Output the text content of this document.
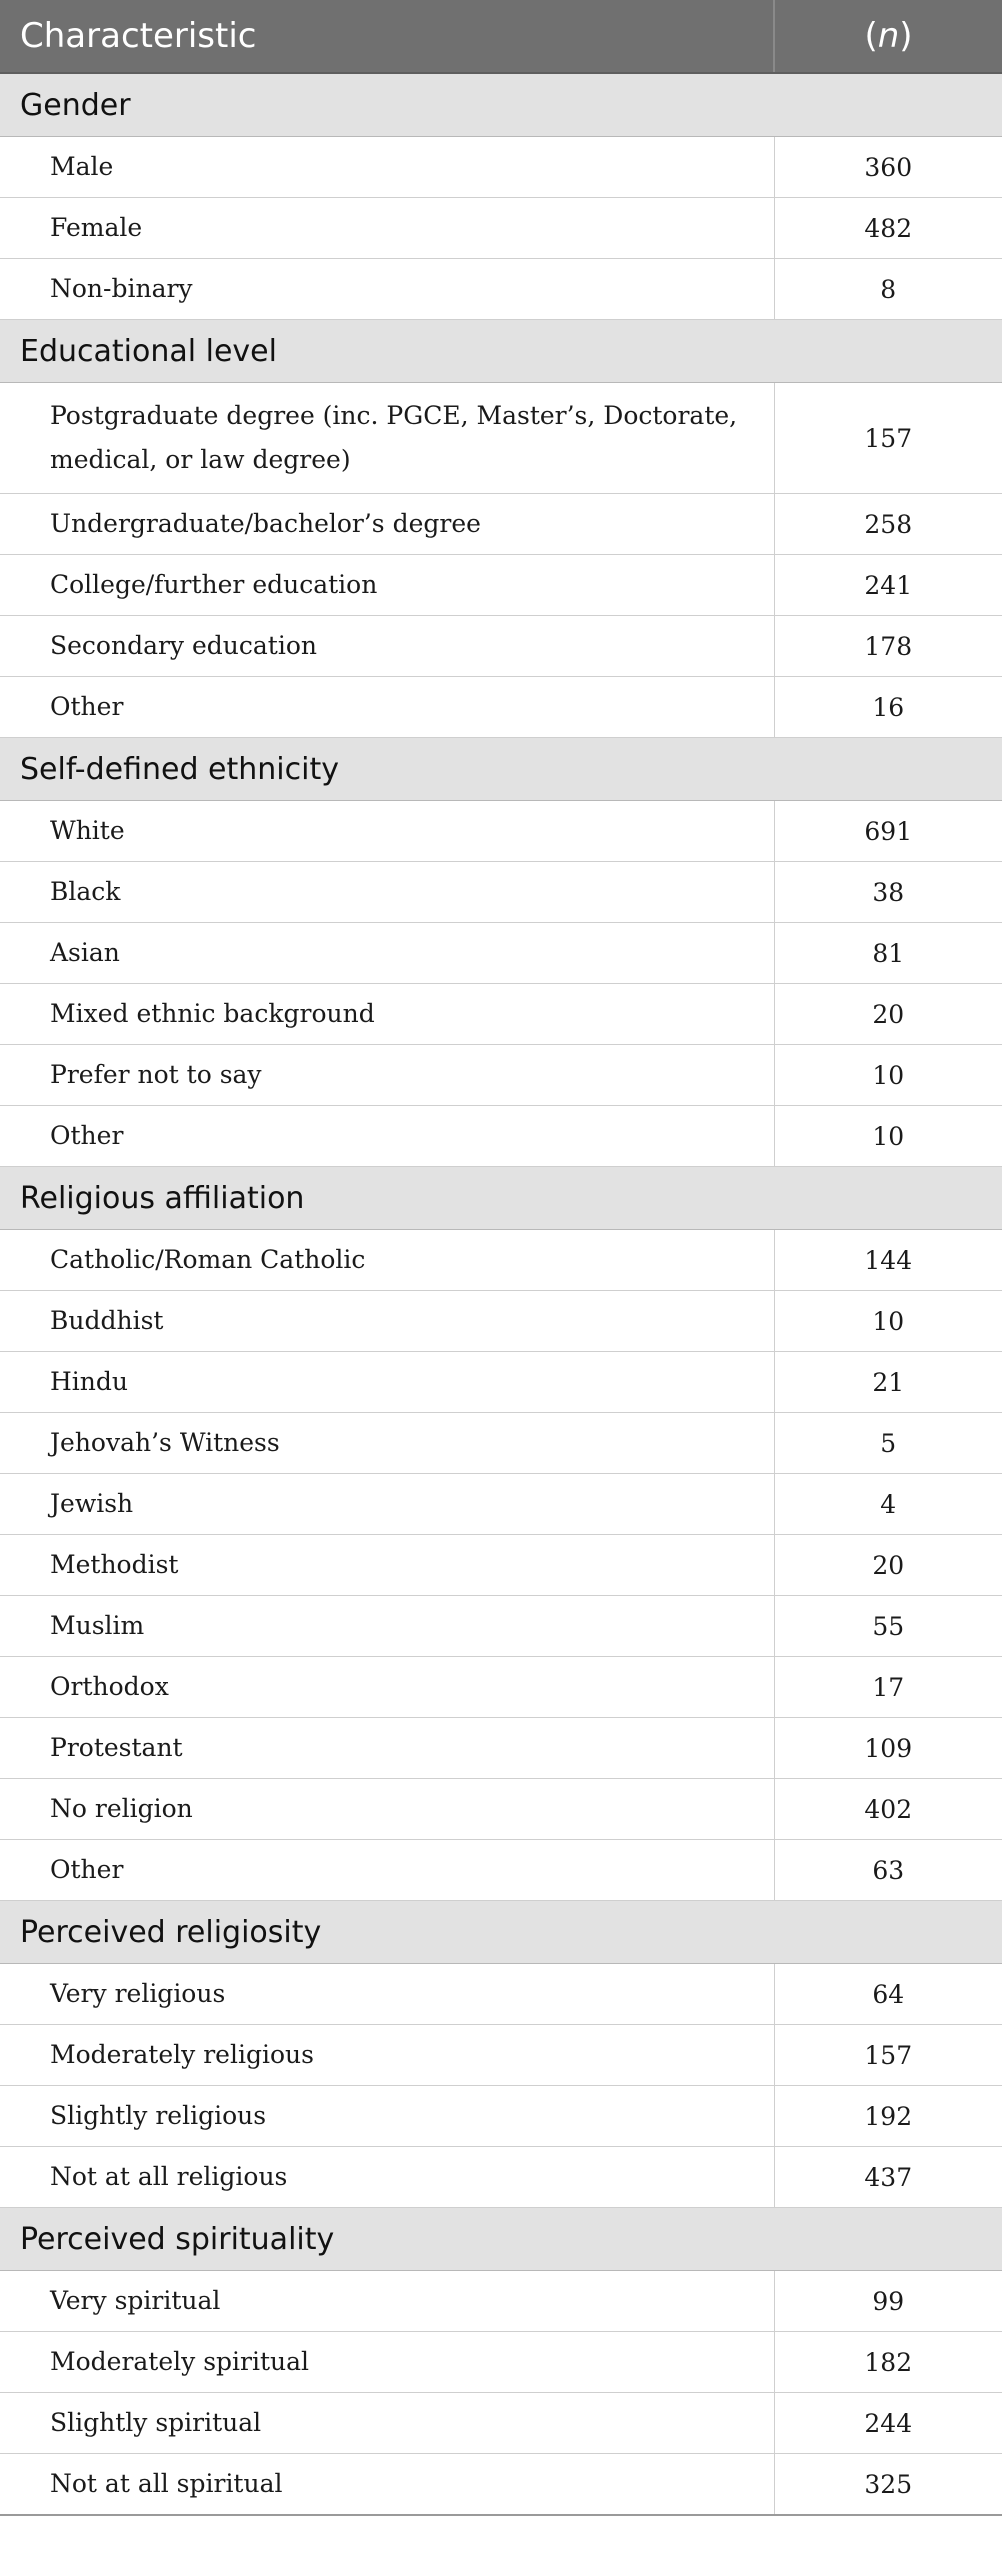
Characteristic	(n)
Gender	
Male	360
Female	482
Non-binary	8
Educational level	
Postgraduate degree (inc. PGCE, Master’s, Doctorate, medical, or law degree)	157
Undergraduate/bachelor’s degree	258
College/further education	241
Secondary education	178
Other	16
Self-defined ethnicity	
White	691
Black	38
Asian	81
Mixed ethnic background	20
Prefer not to say	10
Other	10
Religious affiliation	
Catholic/Roman Catholic	144
Buddhist	10
Hindu	21
Jehovah’s Witness	5
Jewish	4
Methodist	20
Muslim	55
Orthodox	17
Protestant	109
No religion	402
Other	63
Perceived religiosity	
Very religious	64
Moderately religious	157
Slightly religious	192
Not at all religious	437
Perceived spirituality	
Very spiritual	99
Moderately spiritual	182
Slightly spiritual	244
Not at all spiritual	325
